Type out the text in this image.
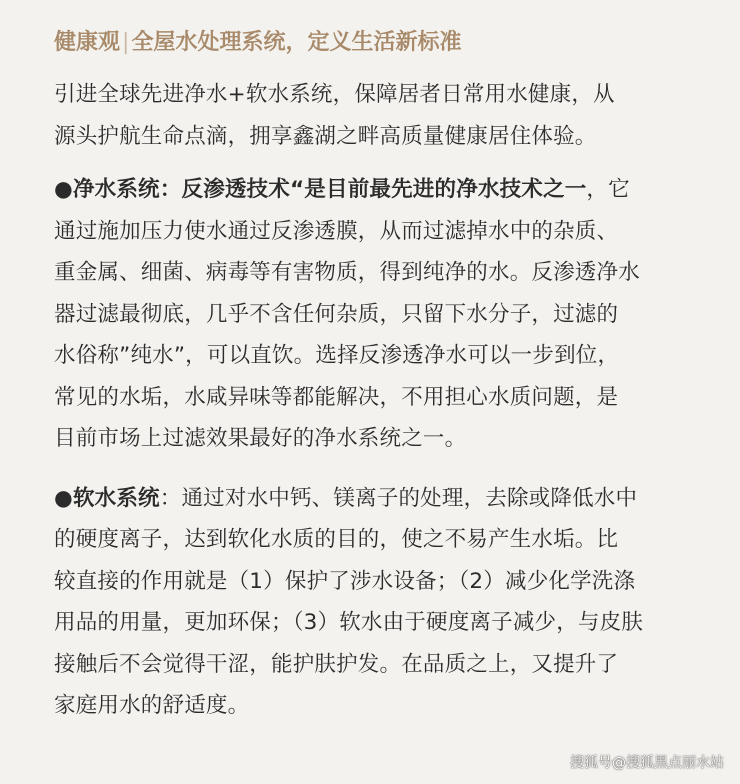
健康观|全屋水处理系统，定义生活新标准

引进全球先进净水+软水系统，保障居者日常用水健康，从
源头护航生命点滴，拥享鑫湖之畔高质量健康居住体验。

●净水系统：反渗透技术“是目前最先进的净水技术之一，它
通过施加压力使水通过反渗透膜，从而过滤掉水中的杂质、
重金属、细菌、病毒等有害物质，得到纯净的水。反渗透净水
器过滤最彻底，几乎不含任何杂质，只留下水分子，过滤的
水俗称”纯水”，可以直饮。选择反渗透净水可以一步到位，
常见的水垢，水咸异味等都能解决，不用担心水质问题，是
目前市场上过滤效果最好的净水系统之一。

●软水系统：通过对水中钙、镁离子的处理，去除或降低水中
的硬度离子，达到软化水质的目的，使之不易产生水垢。比
较直接的作用就是（1）保护了涉水设备；（2）减少化学洗涤
用品的用量，更加环保；（3）软水由于硬度离子减少，与皮肤
接触后不会觉得干涩，能护肤护发。在品质之上，又提升了
家庭用水的舒适度。

搜狐号@搜狐黑点丽水站
